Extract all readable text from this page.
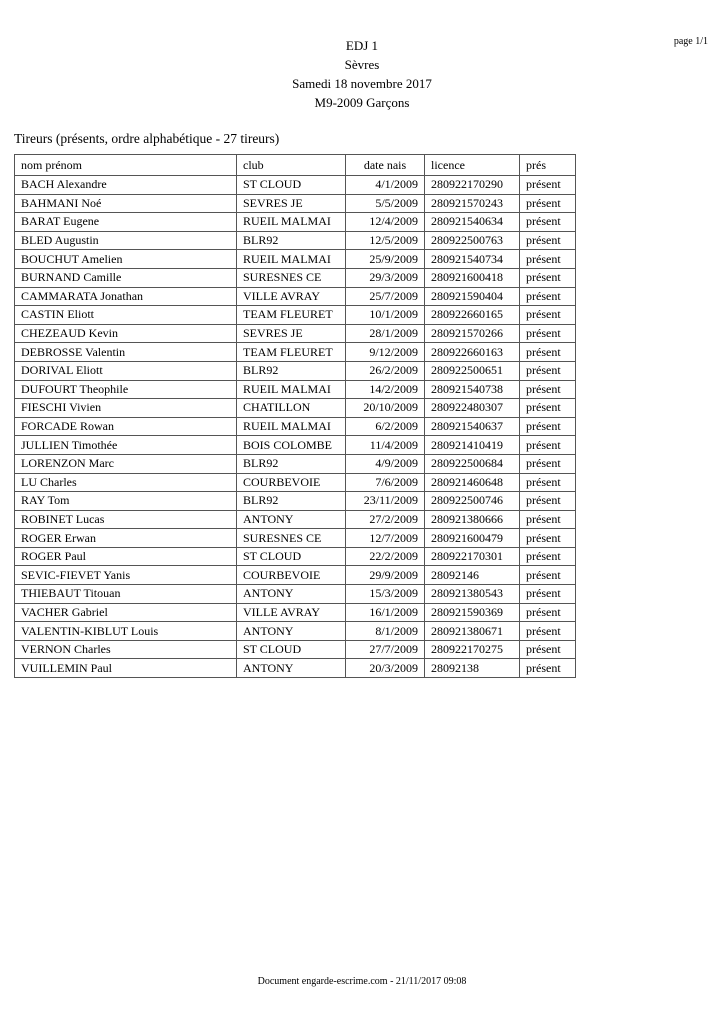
page 1/1
EDJ 1
Sèvres
Samedi 18 novembre 2017
M9-2009 Garçons
Tireurs (présents, ordre alphabétique - 27 tireurs)
nom prénom	club	date nais	licence	prés
BACH Alexandre	ST CLOUD	4/1/2009	280922170290	présent
BAHMANI Noé	SEVRES JE	5/5/2009	280921570243	présent
BARAT Eugene	RUEIL MALMAI	12/4/2009	280921540634	présent
BLED Augustin	BLR92	12/5/2009	280922500763	présent
BOUCHUT Amelien	RUEIL MALMAI	25/9/2009	280921540734	présent
BURNAND Camille	SURESNES CE	29/3/2009	280921600418	présent
CAMMARATA Jonathan	VILLE AVRAY	25/7/2009	280921590404	présent
CASTIN Eliott	TEAM FLEURET	10/1/2009	280922660165	présent
CHEZEAUD Kevin	SEVRES JE	28/1/2009	280921570266	présent
DEBROSSE Valentin	TEAM FLEURET	9/12/2009	280922660163	présent
DORIVAL Eliott	BLR92	26/2/2009	280922500651	présent
DUFOURT Theophile	RUEIL MALMAI	14/2/2009	280921540738	présent
FIESCHI Vivien	CHATILLON	20/10/2009	280922480307	présent
FORCADE Rowan	RUEIL MALMAI	6/2/2009	280921540637	présent
JULLIEN Timothée	BOIS COLOMBE	11/4/2009	280921410419	présent
LORENZON Marc	BLR92	4/9/2009	280922500684	présent
LU Charles	COURBEVOIE	7/6/2009	280921460648	présent
RAY Tom	BLR92	23/11/2009	280922500746	présent
ROBINET Lucas	ANTONY	27/2/2009	280921380666	présent
ROGER Erwan	SURESNES CE	12/7/2009	280921600479	présent
ROGER Paul	ST CLOUD	22/2/2009	280922170301	présent
SEVIC-FIEVET Yanis	COURBEVOIE	29/9/2009	28092146	présent
THIEBAUT Titouan	ANTONY	15/3/2009	280921380543	présent
VACHER Gabriel	VILLE AVRAY	16/1/2009	280921590369	présent
VALENTIN-KIBLUT Louis	ANTONY	8/1/2009	280921380671	présent
VERNON Charles	ST CLOUD	27/7/2009	280922170275	présent
VUILLEMIN Paul	ANTONY	20/3/2009	28092138	présent
Document engarde-escrime.com - 21/11/2017 09:08
